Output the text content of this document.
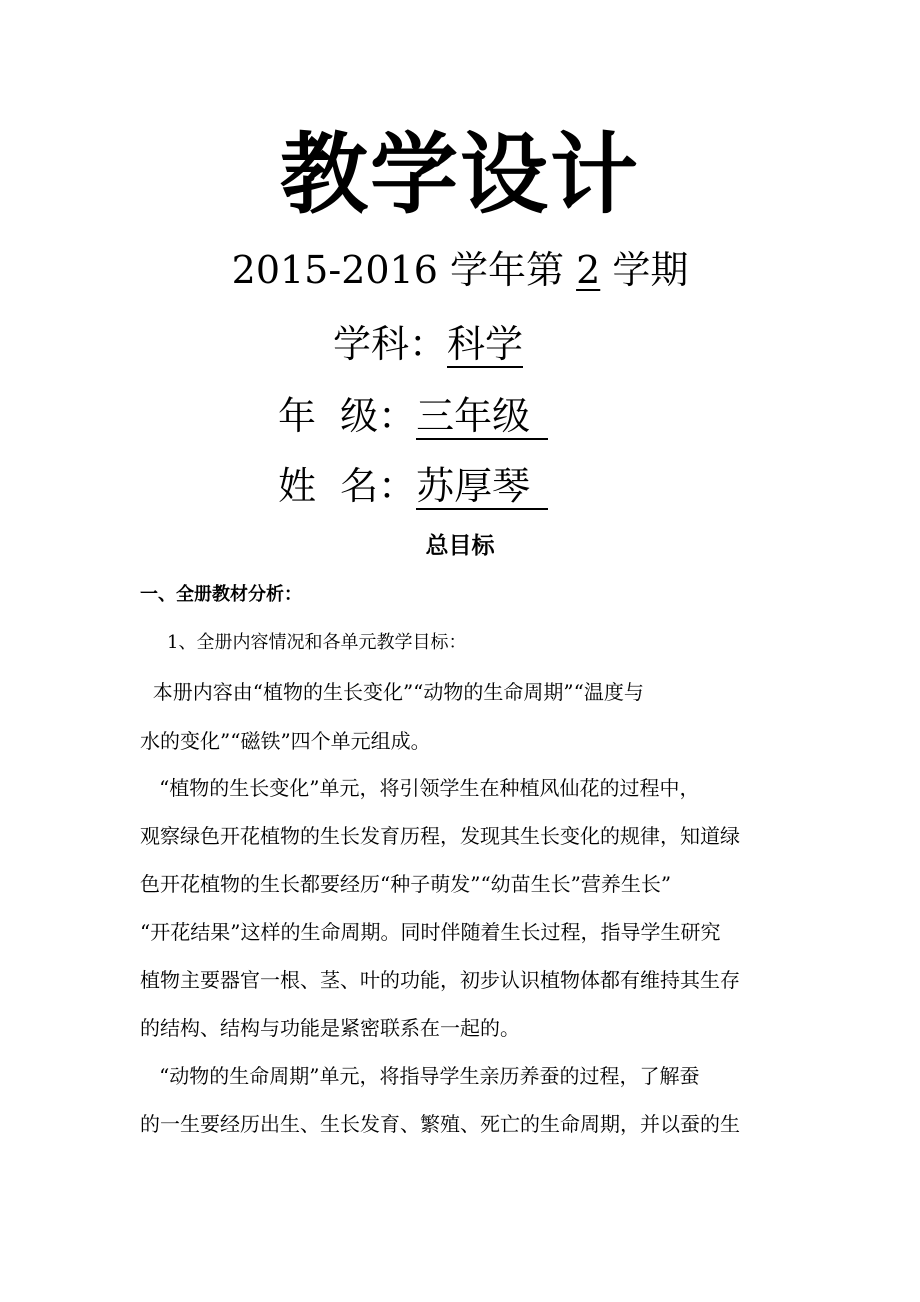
教学设计
2015-2016 学年第 2 学期
学科：科学
年  级：三年级
姓  名：苏厚琴
总目标
一、全册教材分析：
1、全册内容情况和各单元教学目标：
本册内容由“植物的生长变化”“动物的生命周期”“温度与
水的变化”“磁铁”四个单元组成。
“植物的生长变化”单元，将引领学生在种植风仙花的过程中，
观察绿色开花植物的生长发育历程，发现其生长变化的规律，知道绿
色开花植物的生长都要经历“种子萌发”“幼苗生长”营养生长”
“开花结果”这样的生命周期。同时伴随着生长过程，指导学生研究
植物主要器官一根、茎、叶的功能，初步认识植物体都有维持其生存
的结构、结构与功能是紧密联系在一起的。
“动物的生命周期”单元，将指导学生亲历养蚕的过程，了解蚕
的一生要经历出生、生长发育、繁殖、死亡的生命周期，并以蚕的生
